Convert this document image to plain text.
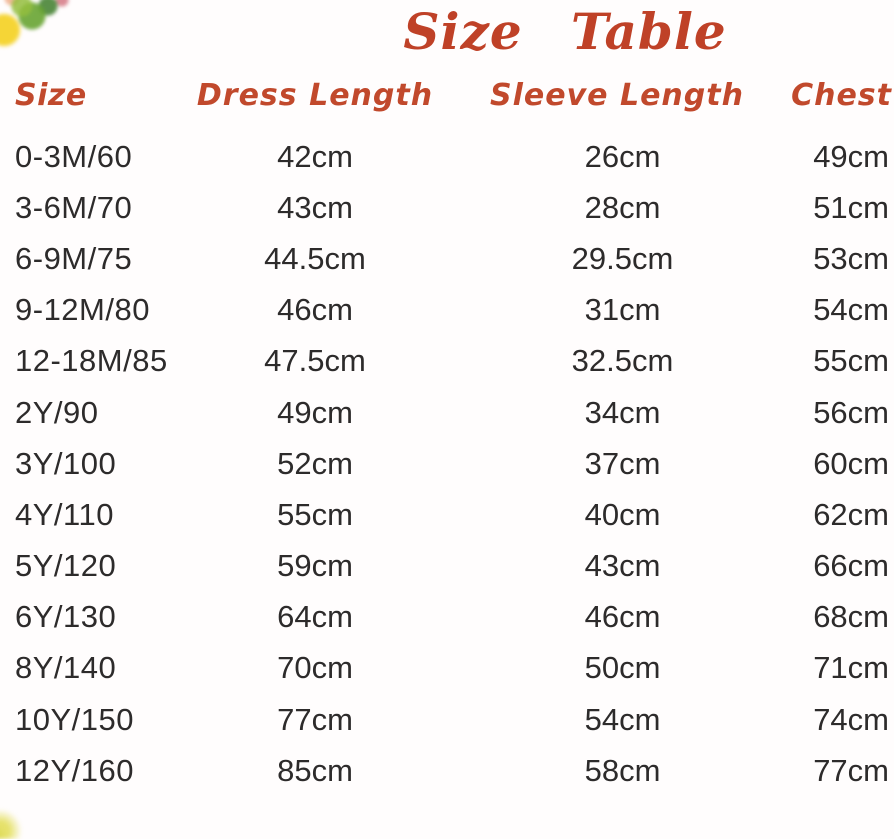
Size Table
Size	Dress Length	Sleeve Length	Chest
0-3M/60	42cm	26cm	49cm
3-6M/70	43cm	28cm	51cm
6-9M/75	44.5cm	29.5cm	53cm
9-12M/80	46cm	31cm	54cm
12-18M/85	47.5cm	32.5cm	55cm
2Y/90	49cm	34cm	56cm
3Y/100	52cm	37cm	60cm
4Y/110	55cm	40cm	62cm
5Y/120	59cm	43cm	66cm
6Y/130	64cm	46cm	68cm
8Y/140	70cm	50cm	71cm
10Y/150	77cm	54cm	74cm
12Y/160	85cm	58cm	77cm
